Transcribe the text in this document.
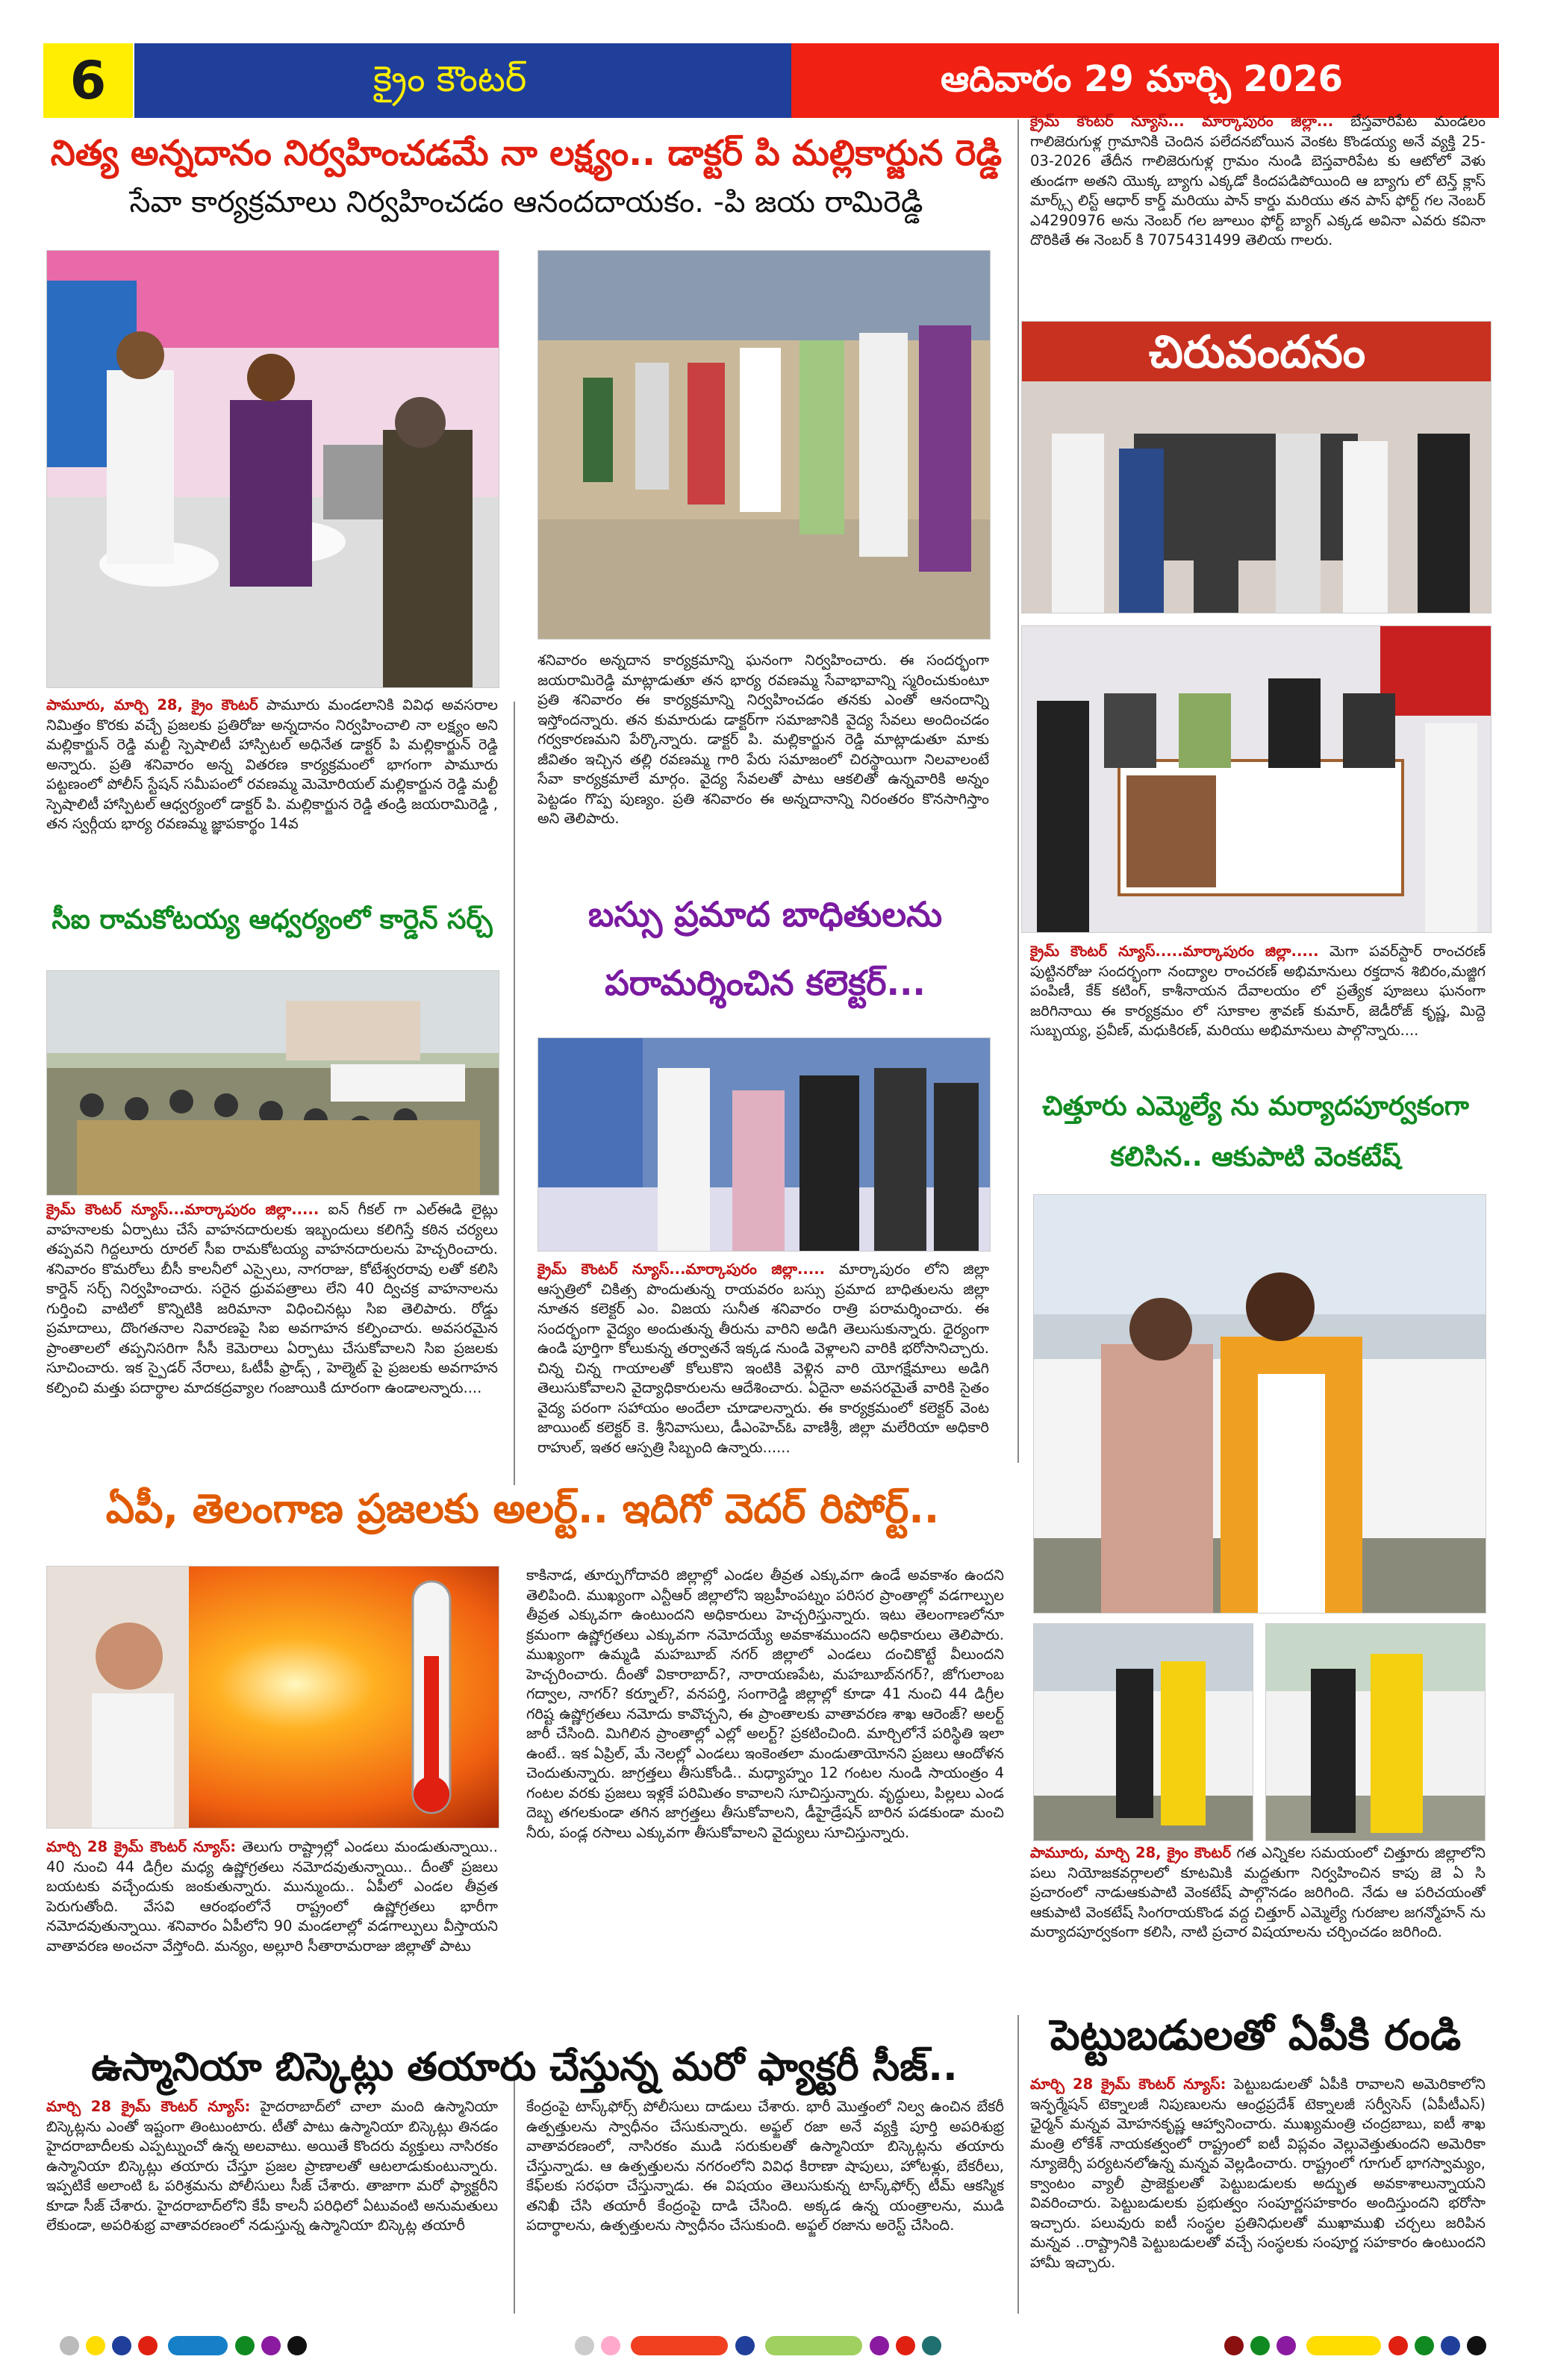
6	క్రైం కౌంటర్	ఆదివారం 29 మార్చి 2026
నిత్య అన్నదానం నిర్వహించడమే నా లక్ష్యం.. డాక్టర్ పి మల్లికార్జున రెడ్డి
సేవా కార్యక్రమాలు నిర్వహించడం ఆనందదాయకం. -పి జయ రామిరెడ్డి
పామూరు, మార్చి 28, క్రైం కౌంటర్ పామూరు మండలానికి వివిధ అవసరాల నిమిత్తం కొరకు వచ్చే ప్రజలకు ప్రతిరోజు అన్నదానం నిర్వహించాలి నా లక్ష్యం అని మల్లికార్జున్ రెడ్డి మల్టీ స్పెషాలిటీ హాస్పిటల్ అధినేత డాక్టర్ పి మల్లికార్జున్ రెడ్డి అన్నారు. ప్రతి శనివారం అన్న వితరణ కార్యక్రమంలో భాగంగా పామూరు పట్టణంలో పోలీస్ స్టేషన్ సమీపంలో రవణమ్మ మెమోరియల్ మల్లికార్జున రెడ్డి మల్టీ స్పెషాలిటీ హాస్పిటల్ ఆధ్వర్యంలో డాక్టర్ పి. మల్లికార్జున రెడ్డి తండ్రి జయరామిరెడ్డి , తన స్వర్గీయ భార్య రవణమ్మ జ్ఞాపకార్థం 14వ
శనివారం అన్నదాన కార్యక్రమాన్ని ఘనంగా నిర్వహించారు. ఈ సందర్భంగా జయరామిరెడ్డి మాట్లాడుతూ తన భార్య రవణమ్మ సేవాభావాన్ని స్మరించుకుంటూ ప్రతి శనివారం ఈ కార్యక్రమాన్ని నిర్వహించడం తనకు ఎంతో ఆనందాన్ని ఇస్తోందన్నారు. తన కుమారుడు డాక్టర్‌గా సమాజానికి వైద్య సేవలు అందించడం గర్వకారణమని పేర్కొన్నారు. డాక్టర్ పి. మల్లికార్జున రెడ్డి మాట్లాడుతూ మాకు జీవితం ఇచ్చిన తల్లి రవణమ్మ గారి పేరు సమాజంలో చిరస్థాయిగా నిలవాలంటే సేవా కార్యక్రమాలే మార్గం. వైద్య సేవలతో పాటు ఆకలితో ఉన్నవారికి అన్నం పెట్టడం గొప్ప పుణ్యం. ప్రతి శనివారం ఈ అన్నదానాన్ని నిరంతరం కొనసాగిస్తాం అని తెలిపారు.
సీఐ రామకోటయ్య ఆధ్వర్యంలో కార్డెన్ సర్చ్
క్రైమ్ కౌంటర్ న్యూస్...మార్కాపురం జిల్లా..... ఐన్ గీకల్ గా ఎల్‌ఈడి లైట్లు వాహనాలకు ఏర్పాటు చేసే వాహనదారులకు ఇబ్బందులు కలిగిస్తే కఠిన చర్యలు తప్పవని గిద్దలూరు రూరల్ సీఐ రామకోటయ్య వాహనదారులను హెచ్చరించారు. శనివారం కొమరోలు బీసీ కాలనీలో ఎస్సైలు, నాగరాజు, కోటేశ్వరరావు లతో కలిసి కార్డెన్ సర్చ్ నిర్వహించారు. సరైన ధ్రువపత్రాలు లేని 40 ద్విచక్ర వాహనాలను గుర్తించి వాటిలో కొన్నిటికి జరిమానా విధించినట్లు సిఐ తెలిపారు. రోడ్డు ప్రమాదాలు, దొంగతనాల నివారణపై సిఐ అవగాహన కల్పించారు. అవసరమైన ప్రాంతాలలో తప్పనిసరిగా సీసీ కెమెరాలు ఏర్పాటు చేసుకోవాలని సిఐ ప్రజలకు సూచించారు. ఇక స్పైడర్ నేరాలు, ఓటీపీ ఫ్రాడ్స్ , హెల్మెట్ పై ప్రజలకు అవగాహన కల్పించి మత్తు పదార్థాల మాదకద్రవ్యాల గంజాయికి దూరంగా ఉండాలన్నారు....
బస్సు ప్రమాద బాధితులను
పరామర్శించిన కలెక్టర్...
క్రైమ్ కౌంటర్ న్యూస్...మార్కాపురం జిల్లా..... మార్కాపురం లోని జిల్లా ఆస్పత్రిలో చికిత్స పొందుతున్న రాయవరం బస్సు ప్రమాద బాధితులను జిల్లా నూతన కలెక్టర్ ఎం. విజయ సునీత శనివారం రాత్రి పరామర్శించారు. ఈ సందర్భంగా వైద్యం అందుతున్న తీరును వారిని అడిగి తెలుసుకున్నారు. ధైర్యంగా ఉండి పూర్తిగా కోలుకున్న తర్వాతనే ఇక్కడ నుండి వెళ్లాలని వారికి భరోసానిచ్చారు. చిన్న చిన్న గాయాలతో కోలుకొని ఇంటికి వెళ్లిన వారి యోగక్షేమాలు అడిగి తెలుసుకోవాలని వైద్యాధికారులను ఆదేశించారు. ఏదైనా అవసరమైతే వారికి సైతం వైద్య పరంగా సహాయం అందేలా చూడాలన్నారు. ఈ కార్యక్రమంలో కలెక్టర్ వెంట జాయింట్ కలెక్టర్ కె. శ్రీనివాసులు, డీఎంహెచ్‌ఓ వాణిశ్రీ, జిల్లా మలేరియా అధికారి రాహుల్, ఇతర ఆస్పత్రి సిబ్బంది ఉన్నారు......
క్రైమ్ కౌంటర్ న్యూస్... మార్కాపురం జిల్లా... బేస్తవారిపేట మండలం గాలిజెరుగుళ్ల గ్రామానికి చెందిన పలేదనబోయిన వెంకట కొండయ్య అనే వ్యక్తి 25-03-2026 తేదీన గాలిజెరుగుళ్ల గ్రామం నుండి బెస్తవారిపేట కు ఆటోలో వెళు తుండగా అతని యొక్క బ్యాగు ఎక్కడో కిందపడిపోయింది ఆ బ్యాగు లో టెన్త్ క్లాస్ మార్క్స్ లిస్ట్ ఆధార్ కార్డ్ మరియు పాన్ కార్డు మరియు తన పాస్ ఫోర్ట్ గల నెంబర్ ఎ4290976 అను నెంబర్ గల జూలుం ఫోర్ట్ బ్యాగ్ ఎక్కడ అవినా ఎవరు కవినా దొరికితే ఈ నెంబర్ కి 7075431499 తెలియ గాలరు.
చిరువందనం
క్రైమ్ కౌంటర్ న్యూస్.....మార్కాపురం జిల్లా..... మెగా పవర్‌స్టార్ రాంచరణ్ పుట్టినరోజు సందర్భంగా నంద్యాల రాంచరణ్ అభిమానులు రక్తదాన శిబిరం,మజ్జిగ పంపిణీ, కేక్ కటింగ్, కాశీనాయన దేవాలయం లో ప్రత్యేక పూజలు ఘనంగా జరిగినాయి ఈ కార్యక్రమం లో సూకాల శ్రావణ్ కుమార్, జెడీరోజ్ కృష్ణ, మిద్దె సుబ్బయ్య, ప్రవీణ్, మధుకిరణ్, మరియు అభిమానులు పాల్గొన్నారు....
చిత్తూరు ఎమ్మెల్యే ను మర్యాదపూర్వకంగా
కలిసిన.. ఆకుపాటి వెంకటేష్
పామూరు, మార్చి 28, క్రైం కౌంటర్ గత ఎన్నికల సమయంలో చిత్తూరు జిల్లాలోని పలు నియోజకవర్గాలలో కూటమికి మద్దతుగా నిర్వహించిన కాపు జె ఏ సి ప్రచారంలో నాడుఆకుపాటి వెంకటేష్ పాల్గొనడం జరిగింది. నేడు ఆ పరిచయంతో ఆకుపాటి వెంకటేష్ సింగరాయకొండ వద్ద చిత్తూర్ ఎమ్మెల్యే గురజాల జగన్మోహన్ ను మర్యాదపూర్వకంగా కలిసి, నాటి ప్రచార విషయాలను చర్చించడం జరిగింది.
ఏపీ, తెలంగాణ ప్రజలకు అలర్ట్.. ఇదిగో వెదర్ రిపోర్ట్..
మార్చి 28 క్రైమ్ కౌంటర్ న్యూస్: తెలుగు రాష్ట్రాల్లో ఎండలు మండుతున్నాయి.. 40 నుంచి 44 డిగ్రీల మధ్య ఉష్ణోగ్రతలు నమోదవుతున్నాయి.. దీంతో ప్రజలు బయటకు వచ్చేందుకు జంకుతున్నారు. మున్ముందు.. ఏపీలో ఎండల తీవ్రత పెరుగుతోంది. వేసవి ఆరంభంలోనే రాష్ట్రంలో ఉష్ణోగ్రతలు భారీగా నమోదవుతున్నాయి. శనివారం ఏపీలోని 90 మండలాల్లో వడగాల్పులు వీస్తాయని వాతావరణ అంచనా వేస్తోంది. మన్యం, అల్లూరి సీతారామరాజు జిల్లాతో పాటు
కాకినాడ, తూర్పుగోదావరి జిల్లాల్లో ఎండల తీవ్రత ఎక్కువగా ఉండే అవకాశం ఉందని తెలిపింది. ముఖ్యంగా ఎన్టీఆర్ జిల్లాలోని ఇబ్రహీంపట్నం పరిసర ప్రాంతాల్లో వడగాల్పుల తీవ్రత ఎక్కువగా ఉంటుందని అధికారులు హెచ్చరిస్తున్నారు. ఇటు తెలంగాణలోనూ క్రమంగా ఉష్ణోగ్రతలు ఎక్కువగా నమోదయ్యే అవకాశముందని అధికారులు తెలిపారు. ముఖ్యంగా ఉమ్మడి మహబూబ్ నగర్ జిల్లాలో ఎండలు దంచికొట్టే వీలుందని హెచ్చరించారు. దీంతో వికారాబాద్?, నారాయణపేట, మహబూబ్‌నగర్?, జోగులాంబ గద్వాల, నాగర్? కర్నూల్?, వనపర్తి, సంగారెడ్డి జిల్లాల్లో కూడా 41 నుంచి 44 డిగ్రీల గరిష్ట ఉష్ణోగ్రతలు నమోదు కావొచ్చని, ఈ ప్రాంతాలకు వాతావరణ శాఖ ఆరెంజ్? అలర్ట్ జారీ చేసింది. మిగిలిన ప్రాంతాల్లో ఎల్లో అలర్ట్? ప్రకటించింది. మార్చిలోనే పరిస్థితి ఇలా ఉంటే.. ఇక ఏప్రిల్, మే నెలల్లో ఎండలు ఇంకెంతలా మండుతాయోనని ప్రజలు ఆందోళన చెందుతున్నారు. జాగ్రత్తలు తీసుకోండి.. మధ్యాహ్నం 12 గంటల నుండి సాయంత్రం 4 గంటల వరకు ప్రజలు ఇళ్లకే పరిమితం కావాలని సూచిస్తున్నారు. వృద్ధులు, పిల్లలు ఎండ దెబ్బ తగలకుండా తగిన జాగ్రత్తలు తీసుకోవాలని, డీహైడ్రేషన్ బారిన పడకుండా మంచి నీరు, పండ్ల రసాలు ఎక్కువగా తీసుకోవాలని వైద్యులు సూచిస్తున్నారు.
ఉస్మానియా బిస్కెట్లు తయారు చేస్తున్న మరో ఫ్యాక్టరీ సీజ్..
మార్చి 28 క్రైమ్ కౌంటర్ న్యూస్: హైదరాబాద్‌లో చాలా మంది ఉస్మానియా బిస్కెట్లను ఎంతో ఇష్టంగా తింటుంటారు. టీతో పాటు ఉస్మానియా బిస్కెట్లు తినడం హైదరాబాదీలకు ఎప్పట్నుంచో ఉన్న అలవాటు. అయితే కొందరు వ్యక్తులు నాసిరకం ఉస్మానియా బిస్కెట్లు తయారు చేస్తూ ప్రజల ప్రాణాలతో ఆటలాడుకుంటున్నారు. ఇప్పటికే అలాంటి ఓ పరిశ్రమను పోలీసులు సీజ్ చేశారు. తాజాగా మరో ఫ్యాక్టరీని కూడా సీజ్ చేశారు. హైదరాబాద్‌లోని కేపీ కాలనీ పరిధిలో ఏటువంటి అనుమతులు లేకుండా, అపరిశుభ్ర వాతావరణంలో నడుస్తున్న ఉస్మానియా బిస్కెట్ల తయారీ
కేంద్రంపై టాస్క్‌ఫోర్స్ పోలీసులు దాడులు చేశారు. భారీ మొత్తంలో నిల్వ ఉంచిన బేకరీ ఉత్పత్తులను స్వాధీనం చేసుకున్నారు. అఫ్జల్ రజా అనే వ్యక్తి పూర్తి అపరిశుభ్ర వాతావరణంలో, నాసిరకం ముడి సరుకులతో ఉస్మానియా బిస్కెట్లను తయారు చేస్తున్నాడు. ఆ ఉత్పత్తులను నగరంలోని వివిధ కిరాణా షాపులు, హోటళ్లు, బేకరీలు, కేఫ్‌లకు సరఫరా చేస్తున్నాడు. ఈ విషయం తెలుసుకున్న టాస్క్‌ఫోర్స్ టీమ్ ఆకస్మిక తనిఖీ చేసి తయారీ కేంద్రంపై దాడి చేసింది. అక్కడ ఉన్న యంత్రాలను, ముడి పదార్థాలను, ఉత్పత్తులను స్వాధీనం చేసుకుంది. అఫ్జల్ రజాను అరెస్ట్ చేసింది.
పెట్టుబడులతో ఏపీకి రండి
మార్చి 28 క్రైమ్ కౌంటర్ న్యూస్: పెట్టుబడులతో ఏపీకి రావాలని అమెరికాలోని ఇన్ఫర్మేషన్ టెక్నాలజీ నిపుణులను ఆంధ్రప్రదేశ్ టెక్నాలజీ సర్వీసెస్ (ఏపీటీఎస్) ఛైర్మన్ మన్నవ మోహనకృష్ణ ఆహ్వానించారు. ముఖ్యమంత్రి చంద్రబాబు, ఐటీ శాఖ మంత్రి లోకేశ్ నాయకత్వంలో రాష్ట్రంలో ఐటీ విప్లవం వెల్లువెత్తుతుందని అమెరికా న్యూజెర్సీ పర్యటనలోఉన్న మన్నవ వెల్లడించారు. రాష్ట్రంలో గూగుల్ భాగస్వామ్యం, క్వాంటం వ్యాలీ ప్రాజెక్టులతో పెట్టుబడులకు అద్భుత అవకాశాలున్నాయని వివరించారు. పెట్టుబడులకు ప్రభుత్వం సంపూర్ణసహకారం అందిస్తుందని భరోసా ఇచ్చారు. పలువురు ఐటీ సంస్థల ప్రతినిధులతో ముఖాముఖి చర్చలు జరిపిన మన్నవ ..రాష్ట్రానికి పెట్టుబడులతో వచ్చే సంస్థలకు సంపూర్ణ సహకారం ఉంటుందని హామీ ఇచ్చారు.
